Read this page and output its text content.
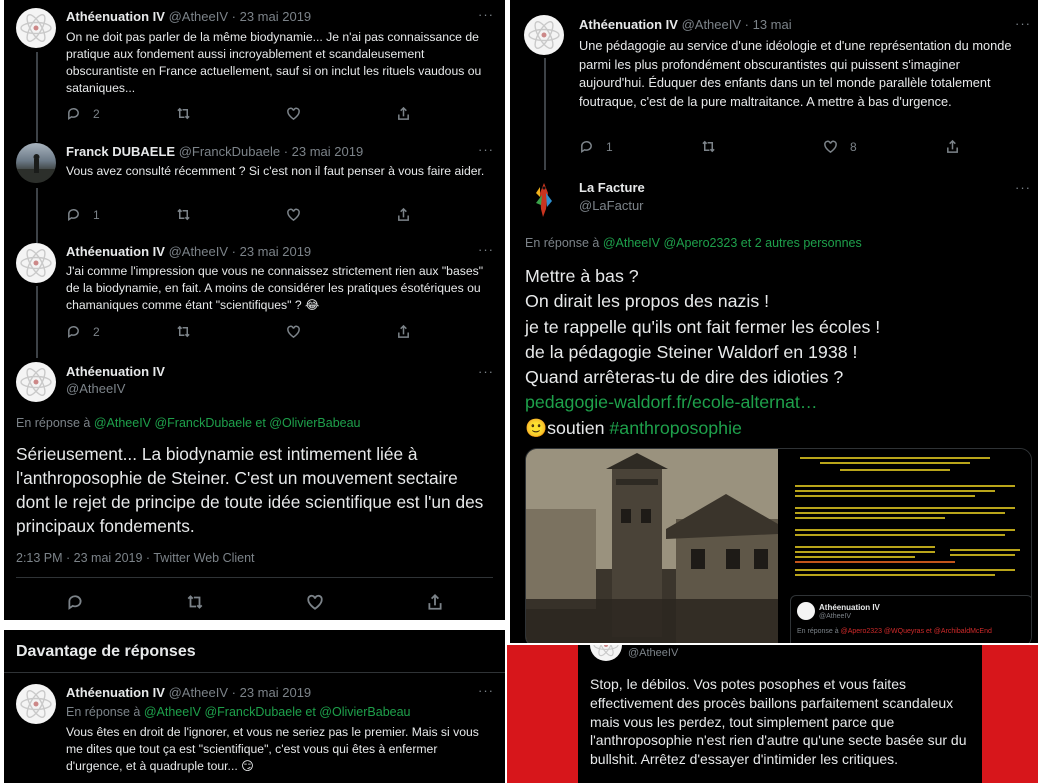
Athéenuation IV @AtheeIV · 23 mai 2019	···
On ne doit pas parler de la même biodynamie... Je n'ai pas connaissance de pratique aux fondement aussi incroyablement et scandaleusement obscurantiste en France actuellement, sauf si on inclut les rituels vaudous ou sataniques...
2
Franck DUBAELE @FranckDubaele · 23 mai 2019	···
Vous avez consulté récemment ? Si c'est non il faut penser à vous faire aider.
1
Athéenuation IV @AtheeIV · 23 mai 2019	···
J'ai comme l'impression que vous ne connaissez strictement rien aux "bases" de la biodynamie, en fait. A moins de considérer les pratiques ésotériques ou chamaniques comme étant "scientifiques" ? 😂
2
Athéenuation IV
@AtheeIV
···
En réponse à @AtheeIV @FranckDubaele et @OlivierBabeau
Sérieusement... La biodynamie est intimement liée à l'anthroposophie de Steiner. C'est un mouvement sectaire dont le rejet de principe de toute idée scientifique est l'un des principaux fondements.
2:13 PM · 23 mai 2019 · Twitter Web Client
Davantage de réponses
Athéenuation IV @AtheeIV · 23 mai 2019	···
En réponse à @AtheeIV @FranckDubaele et @OlivierBabeau
Vous êtes en droit de l'ignorer, et vous ne seriez pas le premier. Mais si vous me dites que tout ça est "scientifique", c'est vous qui êtes à enfermer d'urgence, et à quadruple tour... 😏
Athéenuation IV @AtheeIV · 13 mai	···
Une pédagogie au service d'une idéologie et d'une représentation du monde parmi les plus profondément obscurantistes qui puissent s'imaginer aujourd'hui. Éduquer des enfants dans un tel monde parallèle totalement foutraque, c'est de la pure maltraitance. A mettre à bas d'urgence.
1	8
La Facture
@LaFactur
···
En réponse à @AtheeIV @Apero2323 et 2 autres personnes
Mettre à bas ?
On dirait les propos des nazis !
je te rappelle qu'ils ont fait fermer les écoles !
de la pédagogie Steiner Waldorf en 1938 !
Quand arrêteras-tu de dire des idioties ?
pedagogie-waldorf.fr/ecole-alternat…
🙂soutien #anthroposophie
Athéenuation IV
@AtheeIV
En réponse à @Apero2323 @WQueyras et @ArchibaldMcEnd
@AtheeIV
Stop, le débilos. Vos potes posophes et vous faites effectivement des procès baillons parfaitement scandaleux mais vous les perdez, tout simplement parce que l'anthroposophie n'est rien d'autre qu'une secte basée sur du bullshit. Arrêtez d'essayer d'intimider les critiques.
